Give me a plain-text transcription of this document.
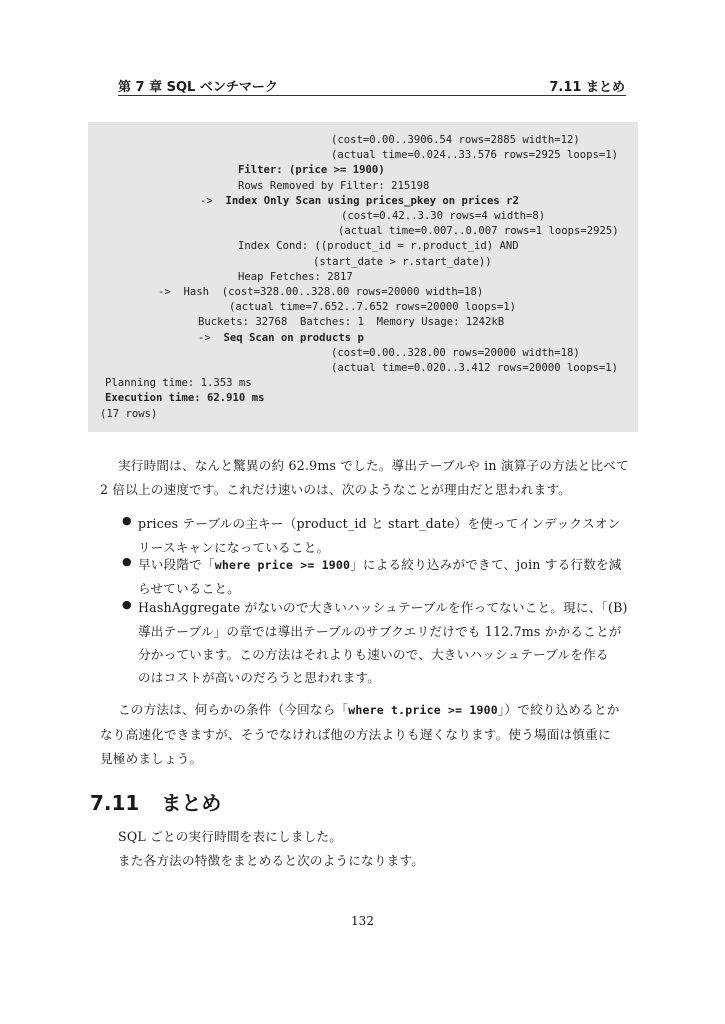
第 7 章 SQL ベンチマーク	7.11 まとめ
(cost=0.00..3906.54 rows=2885 width=12)
(actual time=0.024..33.576 rows=2925 loops=1)
Filter: (price >= 1900)
Rows Removed by Filter: 215198
->  Index Only Scan using prices_pkey on prices r2
(cost=0.42..3.30 rows=4 width=8)
(actual time=0.007..0.007 rows=1 loops=2925)
Index Cond: ((product_id = r.product_id) AND
(start_date > r.start_date))
Heap Fetches: 2817
->  Hash  (cost=328.00..328.00 rows=20000 width=18)
(actual time=7.652..7.652 rows=20000 loops=1)
Buckets: 32768  Batches: 1  Memory Usage: 1242kB
->  Seq Scan on products p
(cost=0.00..328.00 rows=20000 width=18)
(actual time=0.020..3.412 rows=20000 loops=1)
Planning time: 1.353 ms
Execution time: 62.910 ms
(17 rows)
実行時間は、なんと驚異の約 62.9ms でした。導出テーブルや in 演算子の方法と比べて
2 倍以上の速度です。これだけ速いのは、次のようなことが理由だと思われます。
● prices テーブルの主キー（product_id と start_date）を使ってインデックスオン
リースキャンになっていること。
● 早い段階で「where price >= 1900」による絞り込みができて、join する行数を減
らせていること。
● HashAggregate がないので大きいハッシュテーブルを作ってないこと。現に、「(B)
導出テーブル」の章では導出テーブルのサブクエリだけでも 112.7ms かかることが
分かっています。この方法はそれよりも速いので、大きいハッシュテーブルを作る
のはコストが高いのだろうと思われます。
この方法は、何らかの条件（今回なら「where t.price >= 1900」）で絞り込めるとか
なり高速化できますが、そうでなければ他の方法よりも遅くなります。使う場面は慎重に
見極めましょう。
7.11 まとめ
SQL ごとの実行時間を表にしました。
また各方法の特徴をまとめると次のようになります。
132
